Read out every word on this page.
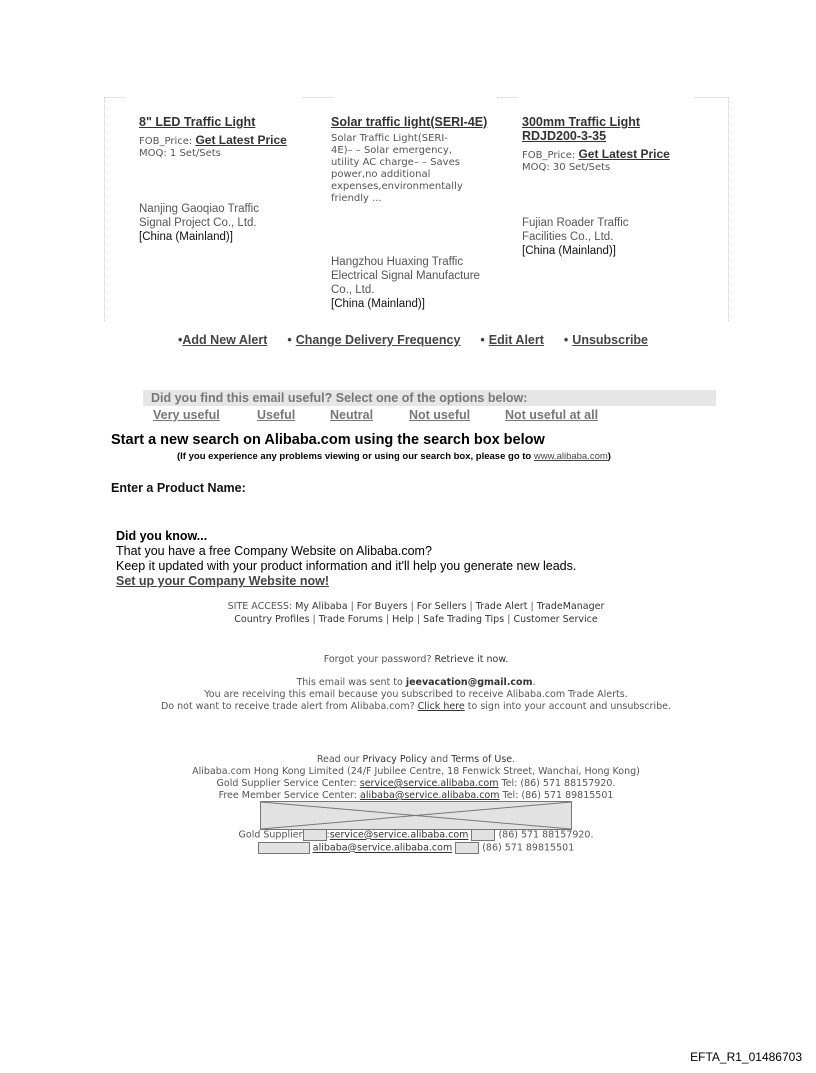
8" LED Traffic Light
FOB_Price: Get Latest Price
MOQ: 1 Set/Sets
Nanjing Gaoqiao Traffic
Signal Project Co., Ltd.
[China (Mainland)]
Solar traffic light(SERI-4E)
Solar Traffic Light(SERI-
4E)– – Solar emergency,
utility AC charge– – Saves
power,no additional
expenses,environmentally
friendly ...
Hangzhou Huaxing Traffic
Electrical Signal Manufacture
Co., Ltd.
[China (Mainland)]
300mm Traffic Light
RDJD200-3-35
FOB_Price: Get Latest Price
MOQ: 30 Set/Sets
Fujian Roader Traffic
Facilities Co., Ltd.
[China (Mainland)]
•Add New Alert • Change Delivery Frequency • Edit Alert • Unsubscribe
Did you find this email useful? Select one of the options below:
Very useful	Useful	Neutral	Not useful	Not useful at all
Start a new search on Alibaba.com using the search box below
(If you experience any problems viewing or using our search box, please go to www.alibaba.com)
Enter a Product Name:
Did you know...
That you have a free Company Website on Alibaba.com?
Keep it updated with your product information and it'll help you generate new leads.
Set up your Company Website now!
SITE ACCESS: My Alibaba | For Buyers | For Sellers | Trade Alert | TradeManager
Country Profiles | Trade Forums | Help | Safe Trading Tips | Customer Service
Forgot your password? Retrieve it now.
This email was sent to jeevacation@gmail.com.
You are receiving this email because you subscribed to receive Alibaba.com Trade Alerts.
Do not want to receive trade alert from Alibaba.com? Click here to sign into your account and unsubscribe.
Read our Privacy Policy and Terms of Use.
Alibaba.com Hong Kong Limited (24/F Jubilee Centre, 18 Fenwick Street, Wanchai, Hong Kong)
Gold Supplier Service Center: service@service.alibaba.com Tel: (86) 571 88157920.
Free Member Service Center: alibaba@service.alibaba.com Tel: (86) 571 89815501
Gold Supplier	:service@service.alibaba.com	(86) 571 88157920.
alibaba@service.alibaba.com	(86) 571 89815501
EFTA_R1_01486703
